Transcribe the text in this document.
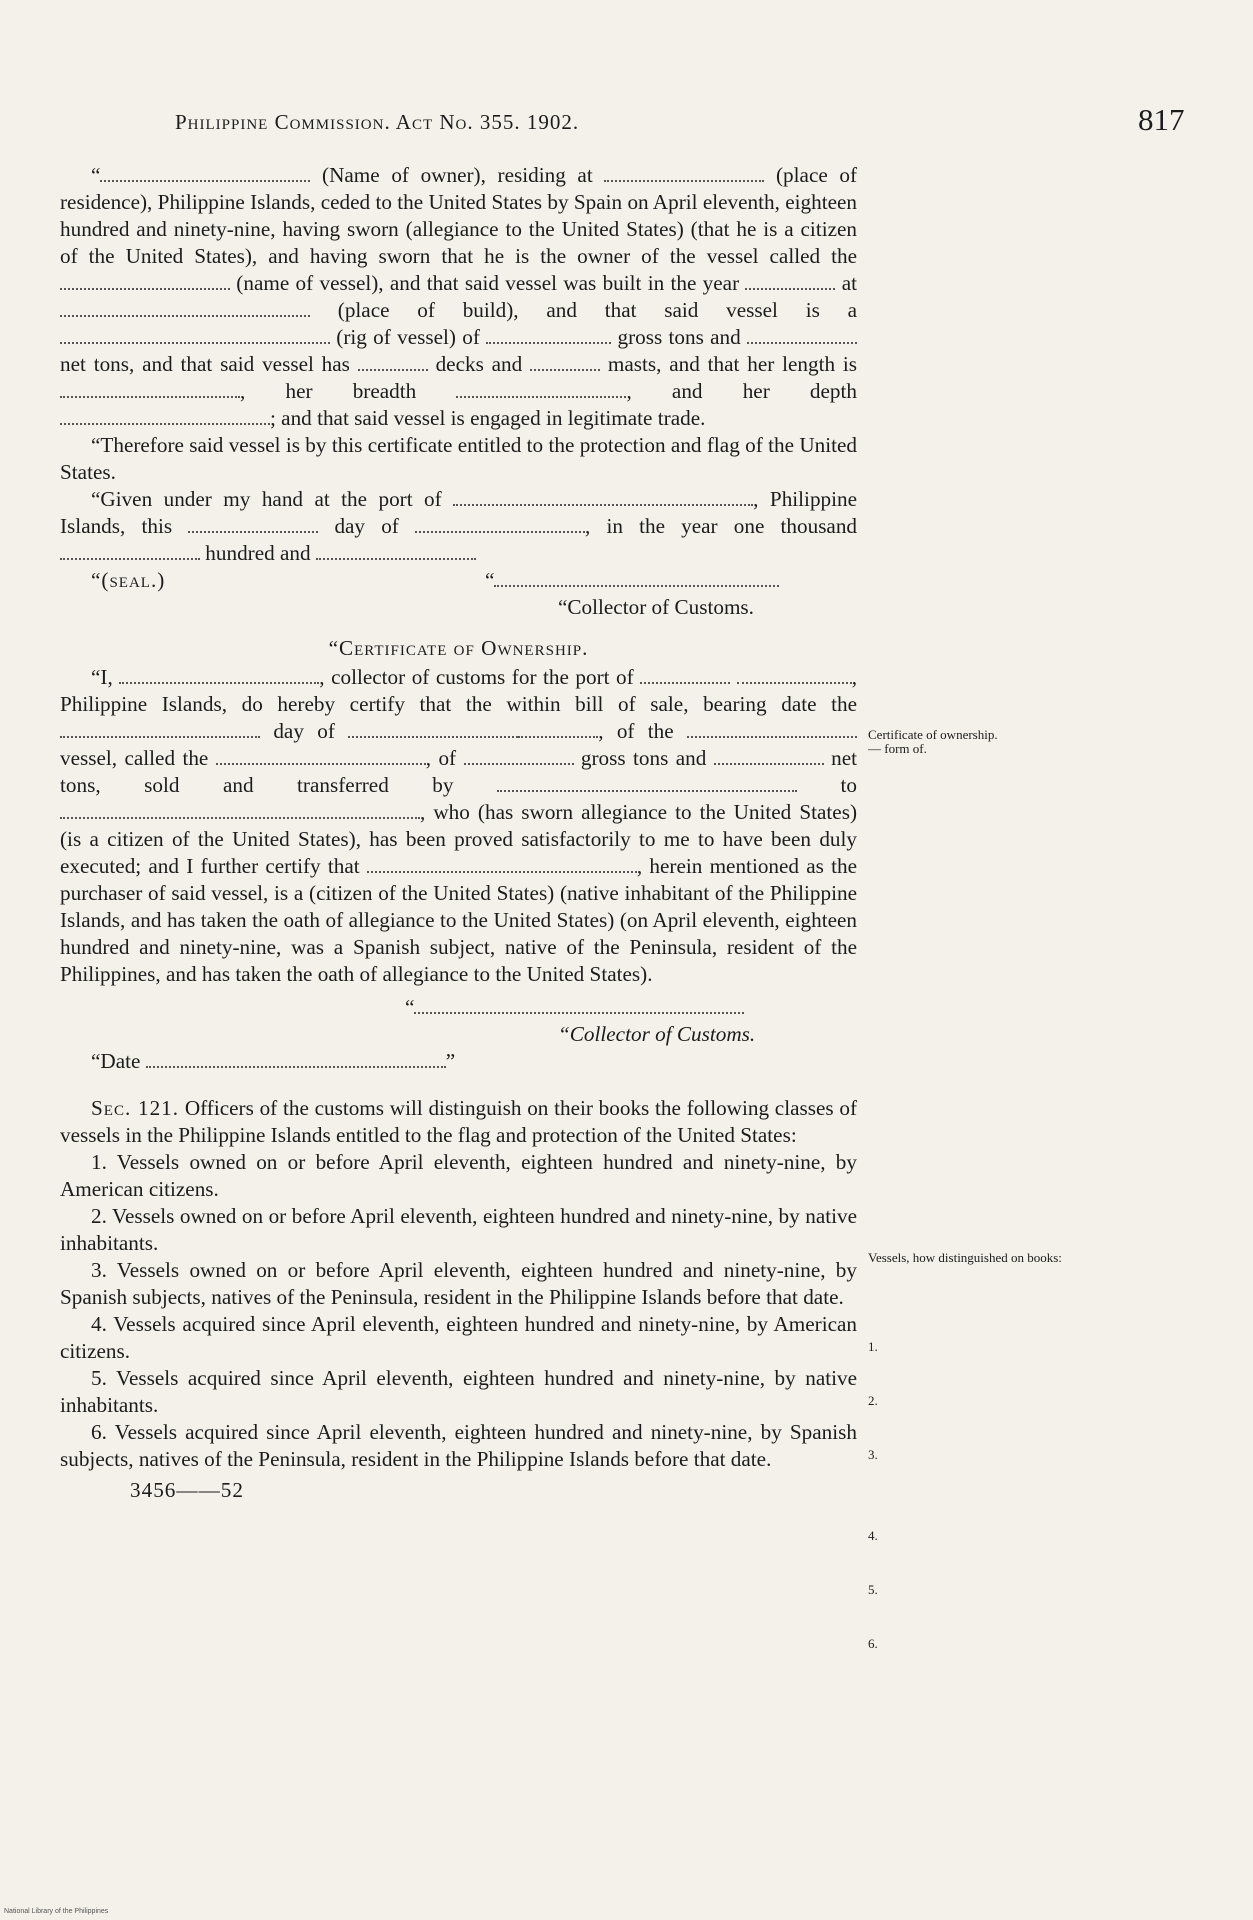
Philippine Commission. Act No. 355. 1902.	817

“	(Name of owner), residing at	(place of residence), Philippine Islands, ceded to the United States by Spain on April eleventh, eighteen hundred and ninety-nine, having sworn (allegiance to the United States) (that he is a citizen of the United States), and having sworn that he is the owner of the vessel called the  (name of vessel), and that said vessel was built in the year	at  (place of build), and that said vessel is a  (rig of vessel) of	gross tons and net tons, and that said vessel has	decks and	masts, and that her length is , her breadth	, and her depth ; and that said vessel is engaged in legitimate trade.

“Therefore said vessel is by this certificate entitled to the protection and flag of the United States.

“Given under my hand at the port of	, Philippine Islands, this	day of	, in the year one thousand  hundred and

“(seal.)	“

“Collector of Customs.

“Certificate of Ownership.

“I,	, collector of customs for the port of	, Philippine Islands, do hereby certify that the within bill of sale, bearing date the  day of	, of the  vessel, called the	, of	gross tons and	net tons, sold and transferred by	to , who (has sworn allegiance to the United States) (is a citizen of the United States), has been proved satisfactorily to me to have been duly executed; and I further certify that	, herein mentioned as the purchaser of said vessel, is a (citizen of the United States) (native inhabitant of the Philippine Islands, and has taken the oath of allegiance to the United States) (on April eleventh, eighteen hundred and ninety-nine, was a Spanish subject, native of the Peninsula, resident of the Philippines, and has taken the oath of allegiance to the United States).

“

“Collector of Customs.

“Date	”

Sec. 121. Officers of the customs will distinguish on their books the following classes of vessels in the Philippine Islands entitled to the flag and protection of the United States:

1. Vessels owned on or before April eleventh, eighteen hundred and ninety-nine, by American citizens.

2. Vessels owned on or before April eleventh, eighteen hundred and ninety-nine, by native inhabitants.

3. Vessels owned on or before April eleventh, eighteen hundred and ninety-nine, by Spanish subjects, natives of the Peninsula, resident in the Philippine Islands before that date.

4. Vessels acquired since April eleventh, eighteen hundred and ninety-nine, by American citizens.

5. Vessels acquired since April eleventh, eighteen hundred and ninety-nine, by native inhabitants.

6. Vessels acquired since April eleventh, eighteen hundred and ninety-nine, by Spanish subjects, natives of the Peninsula, resident in the Philippine Islands before that date.

3456——52

Certificate of ownership.
— form of.
Vessels, how distinguished on books:
1.
2.
3.
4.
5.
6.
National Library of the Philippines
